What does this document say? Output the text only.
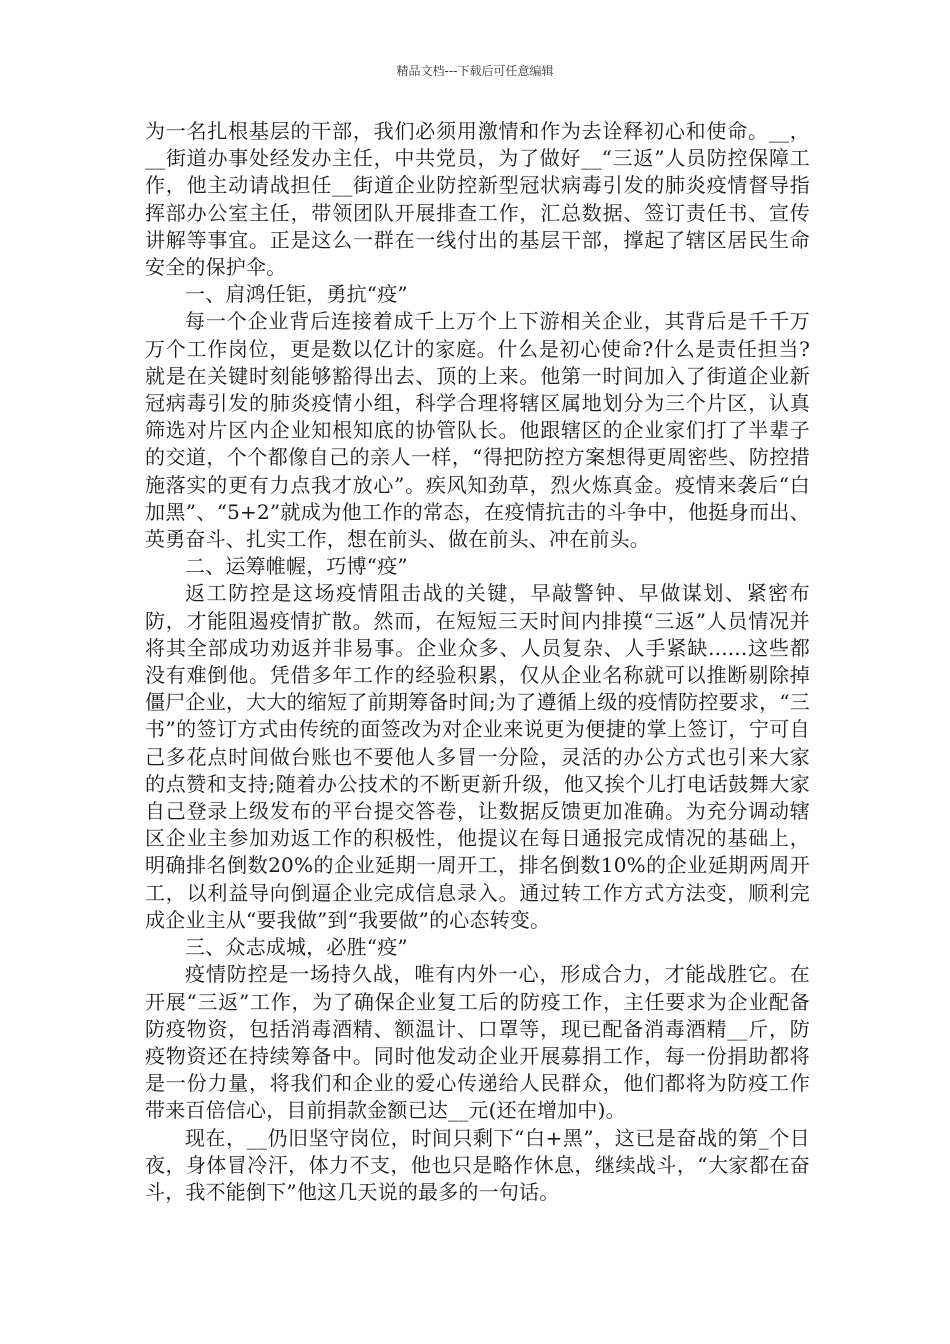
精品文档---下载后可任意编辑

为一名扎根基层的干部，我们必须用激情和作为去诠释初心和使命。__，__街道办事处经发办主任，中共党员，为了做好__“三返”人员防控保障工作，他主动请战担任__街道企业防控新型冠状病毒引发的肺炎疫情督导指挥部办公室主任，带领团队开展排查工作，汇总数据、签订责任书、宣传讲解等事宜。正是这么一群在一线付出的基层干部，撑起了辖区居民生命安全的保护伞。

一、肩鸿任钜，勇抗“疫”

每一个企业背后连接着成千上万个上下游相关企业，其背后是千千万万个工作岗位，更是数以亿计的家庭。什么是初心使命?什么是责任担当?就是在关键时刻能够豁得出去、顶的上来。他第一时间加入了街道企业新冠病毒引发的肺炎疫情小组，科学合理将辖区属地划分为三个片区，认真筛选对片区内企业知根知底的协管队长。他跟辖区的企业家们打了半辈子的交道，个个都像自己的亲人一样，“得把防控方案想得更周密些、防控措施落实的更有力点我才放心”。疾风知劲草，烈火炼真金。疫情来袭后“白加黑”、“5+2”就成为他工作的常态，在疫情抗击的斗争中，他挺身而出、英勇奋斗、扎实工作，想在前头、做在前头、冲在前头。

二、运筹帷幄，巧博“疫”

返工防控是这场疫情阻击战的关键，早敲警钟、早做谋划、紧密布防，才能阻遏疫情扩散。然而，在短短三天时间内排摸“三返”人员情况并将其全部成功劝返并非易事。企业众多、人员复杂、人手紧缺......这些都没有难倒他。凭借多年工作的经验积累，仅从企业名称就可以推断剔除掉僵尸企业，大大的缩短了前期筹备时间;为了遵循上级的疫情防控要求，“三书”的签订方式由传统的面签改为对企业来说更为便捷的掌上签订，宁可自己多花点时间做台账也不要他人多冒一分险，灵活的办公方式也引来大家的点赞和支持;随着办公技术的不断更新升级，他又挨个儿打电话鼓舞大家自己登录上级发布的平台提交答卷，让数据反馈更加准确。为充分调动辖区企业主参加劝返工作的积极性，他提议在每日通报完成情况的基础上，明确排名倒数20%的企业延期一周开工，排名倒数10%的企业延期两周开工，以利益导向倒逼企业完成信息录入。通过转工作方式方法变，顺利完成企业主从“要我做”到“我要做”的心态转变。

三、众志成城，必胜“疫”

疫情防控是一场持久战，唯有内外一心，形成合力，才能战胜它。在开展“三返”工作，为了确保企业复工后的防疫工作，主任要求为企业配备防疫物资，包括消毒酒精、额温计、口罩等，现已配备消毒酒精__斤，防疫物资还在持续筹备中。同时他发动企业开展募捐工作，每一份捐助都将是一份力量，将我们和企业的爱心传递给人民群众，他们都将为防疫工作带来百倍信心，目前捐款金额已达__元(还在增加中)。

现在，__仍旧坚守岗位，时间只剩下“白+黑”，这已是奋战的第_个日夜，身体冒冷汗，体力不支，他也只是略作休息，继续战斗，“大家都在奋斗，我不能倒下”他这几天说的最多的一句话。
